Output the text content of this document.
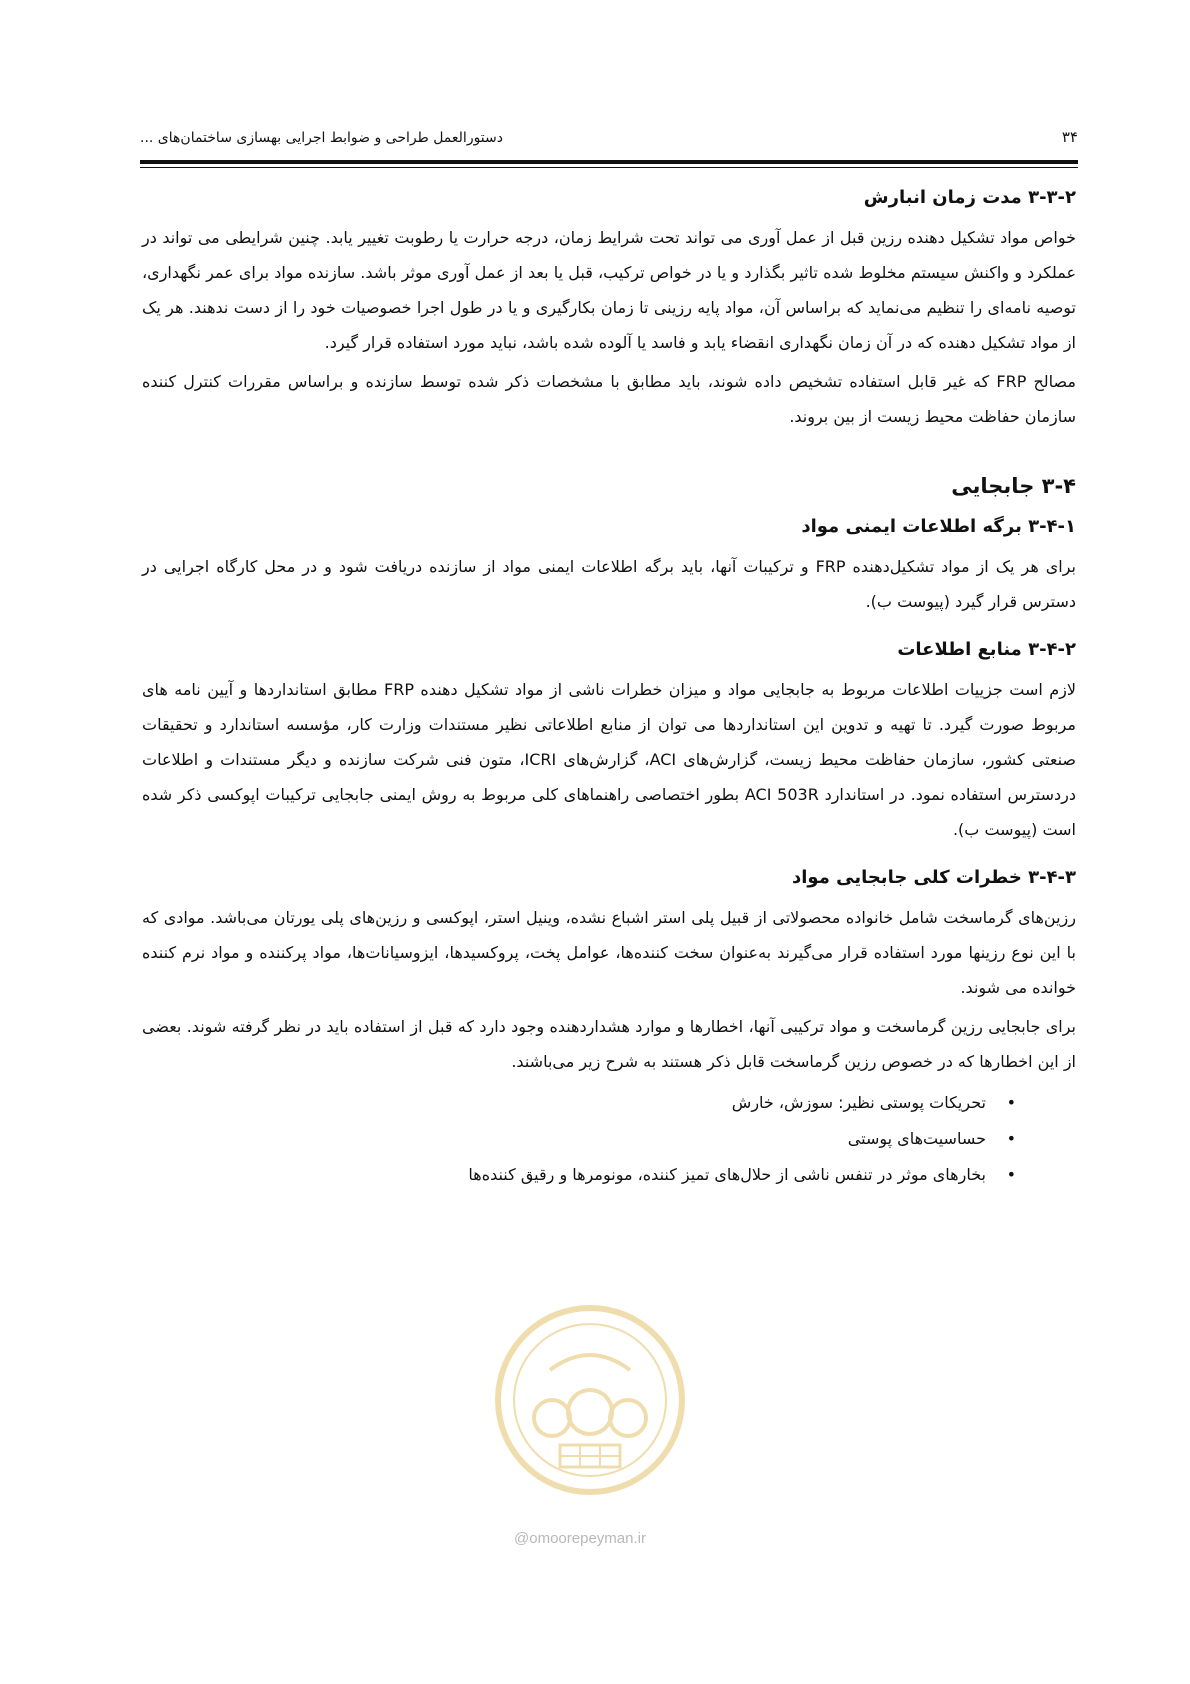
۳۴
دستورالعمل طراحی و ضوابط اجرایی بهسازی ساختمان‌های ...
۳-۳-۲ مدت زمان انبارش

خواص مواد تشکیل دهنده رزین قبل از عمل آوری می تواند تحت شرایط زمان، درجه حرارت یا رطوبت تغییر یابد. چنین شرایطی می تواند در عملکرد و واکنش سیستم مخلوط شده تاثیر بگذارد و یا در خواص ترکیب، قبل یا بعد از عمل آوری موثر باشد. سازنده مواد برای عمر نگهداری، توصیه نامه‌ای را تنظیم می‌نماید که براساس آن، مواد پایه رزینی تا زمان بکارگیری و یا در طول اجرا خصوصیات خود را از دست ندهند. هر یک از مواد تشکیل دهنده که در آن زمان نگهداری انقضاء یابد و فاسد یا آلوده شده باشد، نباید مورد استفاده قرار گیرد.

مصالح FRP که غیر قابل استفاده تشخیص داده شوند، باید مطابق با مشخصات ذکر شده توسط سازنده و براساس مقررات کنترل کننده سازمان حفاظت محیط زیست از بین بروند.

۳-۴ جابجایی
۳-۴-۱ برگه اطلاعات ایمنی مواد

برای هر یک از مواد تشکیل‌دهنده FRP و ترکیبات آنها، باید برگه اطلاعات ایمنی مواد از سازنده دریافت شود و در محل کارگاه اجرایی در دسترس قرار گیرد (پیوست ب).

۳-۴-۲ منابع اطلاعات

لازم است جزییات اطلاعات مربوط به جابجایی مواد و میزان خطرات ناشی از مواد تشکیل دهنده FRP مطابق استانداردها و آیین نامه های مربوط صورت گیرد. تا تهیه و تدوین این استانداردها می توان از منابع اطلاعاتی نظیر مستندات وزارت کار، مؤسسه استاندارد و تحقیقات صنعتی کشور، سازمان حفاظت محیط زیست، گزارش‌های ACI، گزارش‌های ICRI، متون فنی شرکت سازنده و دیگر مستندات و اطلاعات دردسترس استفاده نمود. در استاندارد ACI 503R بطور اختصاصی راهنماهای کلی مربوط به روش ایمنی جابجایی ترکیبات اپوکسی ذکر شده است (پیوست ب).

۳-۴-۳ خطرات کلی جابجایی مواد

رزین‌های گرماسخت شامل خانواده محصولاتی از قبیل پلی استر اشباع نشده، وینیل استر، اپوکسی و رزین‌های پلی یورتان می‌باشد. موادی که با این نوع رزینها مورد استفاده قرار می‌گیرند به‌عنوان سخت کننده‌ها، عوامل پخت، پروکسیدها، ایزوسیانات‌ها، مواد پرکننده و مواد نرم کننده خوانده می شوند.

برای جابجایی رزین گرماسخت و مواد ترکیبی آنها، اخطارها و موارد هشداردهنده وجود دارد که قبل از استفاده باید در نظر گرفته شوند. بعضی از این اخطارها که در خصوص رزین گرماسخت قابل ذکر هستند به شرح زیر می‌باشند.

• تحریکات پوستی نظیر: سوزش، خارش
• حساسیت‌های پوستی
• بخارهای موثر در تنفس ناشی از حلال‌های تمیز کننده، مونومرها و رقیق کننده‌ها
@omoorepeyman.ir
